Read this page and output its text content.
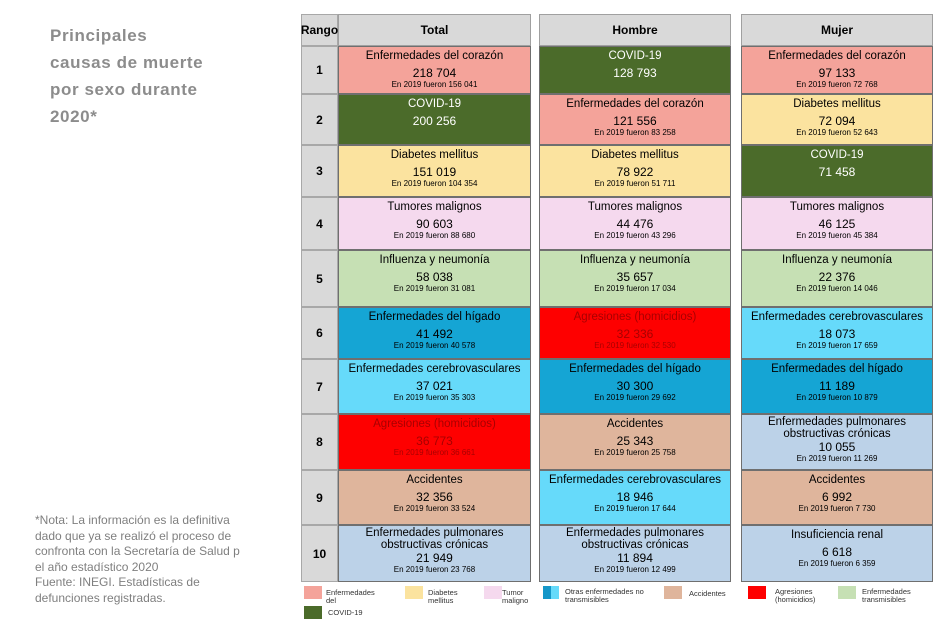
Principales
causas de muerte
por sexo durante
2020*
*Nota: La información es la definitiva
dado que ya se realizó el proceso de
confronta con la Secretaría de Salud p
el año estadístico 2020
Fuente: INEGI. Estadísticas de
defunciones registradas.
Rango
1
2
3
4
5
6
7
8
9
10
Total
Enfermedades del corazón
218 704
En 2019 fueron 156 041
COVID-19
200 256
Diabetes mellitus
151 019
En 2019 fueron 104 354
Tumores malignos
90 603
En 2019 fueron 88 680
Influenza y neumonía
58 038
En 2019 fueron 31 081
Enfermedades del hígado
41 492
En 2019 fueron 40 578
Enfermedades cerebrovasculares
37 021
En 2019 fueron 35 303
Agresiones (homicidios)
36 773
En 2019 fueron 36 661
Accidentes
32 356
En 2019 fueron 33 524
Enfermedades pulmonares obstructivas crónicas
21 949
En 2019 fueron 23 768
Hombre
COVID-19
128 793
Enfermedades del corazón
121 556
En 2019 fueron 83 258
Diabetes mellitus
78 922
En 2019 fueron 51 711
Tumores malignos
44 476
En 2019 fueron 43 296
Influenza y neumonía
35 657
En 2019 fueron 17 034
Agresiones (homicidios)
32 336
En 2019 fueron 32 530
Enfermedades del hígado
30 300
En 2019 fueron 29 692
Accidentes
25 343
En 2019 fueron 25 758
Enfermedades cerebrovasculares
18 946
En 2019 fueron 17 644
Enfermedades pulmonares obstructivas crónicas
11 894
En 2019 fueron 12 499
Mujer
Enfermedades del corazón
97 133
En 2019 fueron 72 768
Diabetes mellitus
72 094
En 2019 fueron 52 643
COVID-19
71 458
Tumores malignos
46 125
En 2019 fueron 45 384
Influenza y neumonía
22 376
En 2019 fueron 14 046
Enfermedades cerebrovasculares
18 073
En 2019 fueron 17 659
Enfermedades del hígado
11 189
En 2019 fueron 10 879
Enfermedades pulmonares obstructivas crónicas
10 055
En 2019 fueron 11 269
Accidentes
6 992
En 2019 fueron 7 730
Insuficiencia renal
6 618
En 2019 fueron 6 359
Enfermedades del
Diabetes mellitus
Tumor maligno
Otras enfermedades no transmisibles
Accidentes	Agresiones (homicidios)
Enfermedades transmisibles
COVID-19
